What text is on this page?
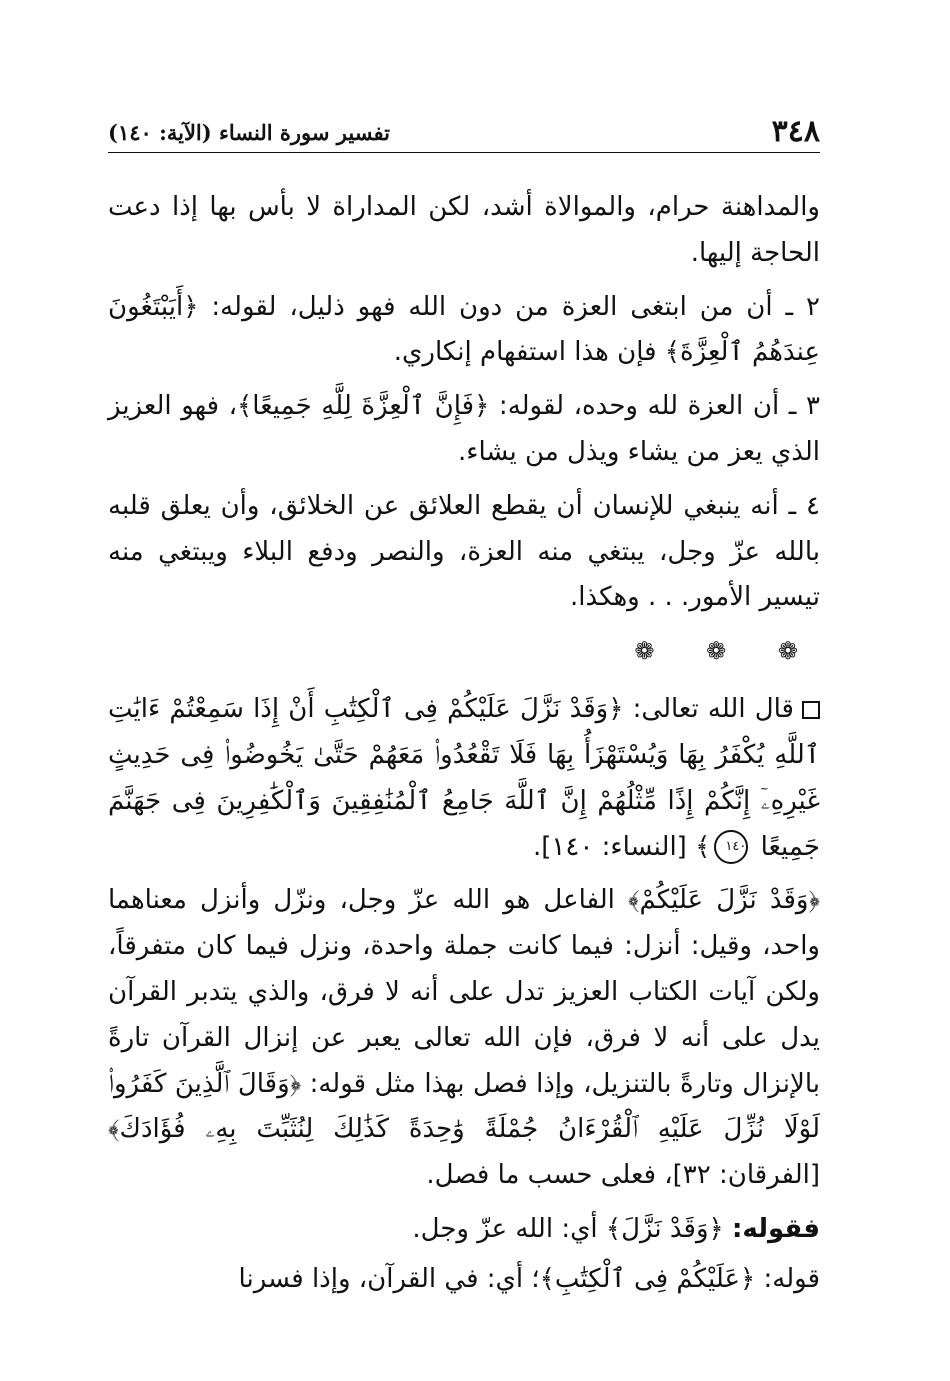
٣٤٨
تفسير سورة النساء (الآية: ١٤٠)

والمداهنة حرام، والموالاة أشد، لكن المداراة لا بأس بها إذا دعت الحاجة إليها.

٢ ـ أن من ابتغى العزة من دون الله فهو ذليل، لقوله: ﴿أَيَبْتَغُونَ عِندَهُمُ ٱلْعِزَّةَ﴾ فإن هذا استفهام إنكاري.

٣ ـ أن العزة لله وحده، لقوله: ﴿فَإِنَّ ٱلْعِزَّةَ لِلَّهِ جَمِيعًا﴾، فهو العزيز الذي يعز من يشاء ويذل من يشاء.

٤ ـ أنه ينبغي للإنسان أن يقطع العلائق عن الخلائق، وأن يعلق قلبه بالله عزّ وجل، يبتغي منه العزة، والنصر ودفع البلاء ويبتغي منه تيسير الأمور. . . وهكذا.

❁ ❁ ❁

قال الله تعالى: ﴿وَقَدْ نَزَّلَ عَلَيْكُمْ فِى ٱلْكِتَٰبِ أَنْ إِذَا سَمِعْتُمْ ءَايَٰتِ ٱللَّهِ يُكْفَرُ بِهَا وَيُسْتَهْزَأُ بِهَا فَلَا تَقْعُدُوا۟ مَعَهُمْ حَتَّىٰ يَخُوضُوا۟ فِى حَدِيثٍ غَيْرِهِۦٓ إِنَّكُمْ إِذًا مِّثْلُهُمْ إِنَّ ٱللَّهَ جَامِعُ ٱلْمُنَٰفِقِينَ وَٱلْكَٰفِرِينَ فِى جَهَنَّمَ جَمِيعًا ١٤٠﴾ [النساء: ١٤٠].

﴿وَقَدْ نَزَّلَ عَلَيْكُمْ﴾ الفاعل هو الله عزّ وجل، ونزّل وأنزل معناهما واحد، وقيل: أنزل: فيما كانت جملة واحدة، ونزل فيما كان متفرقاً، ولكن آيات الكتاب العزيز تدل على أنه لا فرق، والذي يتدبر القرآن يدل على أنه لا فرق، فإن الله تعالى يعبر عن إنزال القرآن تارةً بالإنزال وتارةً بالتنزيل، وإذا فصل بهذا مثل قوله: ﴿وَقَالَ ٱلَّذِينَ كَفَرُوا۟ لَوْلَا نُزِّلَ عَلَيْهِ ٱلْقُرْءَانُ جُمْلَةً وَٰحِدَةً كَذَٰلِكَ لِنُثَبِّتَ بِهِۦ فُؤَادَكَ﴾ [الفرقان: ٣٢]، فعلى حسب ما فصل.

فقوله: ﴿وَقَدْ نَزَّلَ﴾ أي: الله عزّ وجل.

قوله: ﴿عَلَيْكُمْ فِى ٱلْكِتَٰبِ﴾؛ أي: في القرآن، وإذا فسرنا
